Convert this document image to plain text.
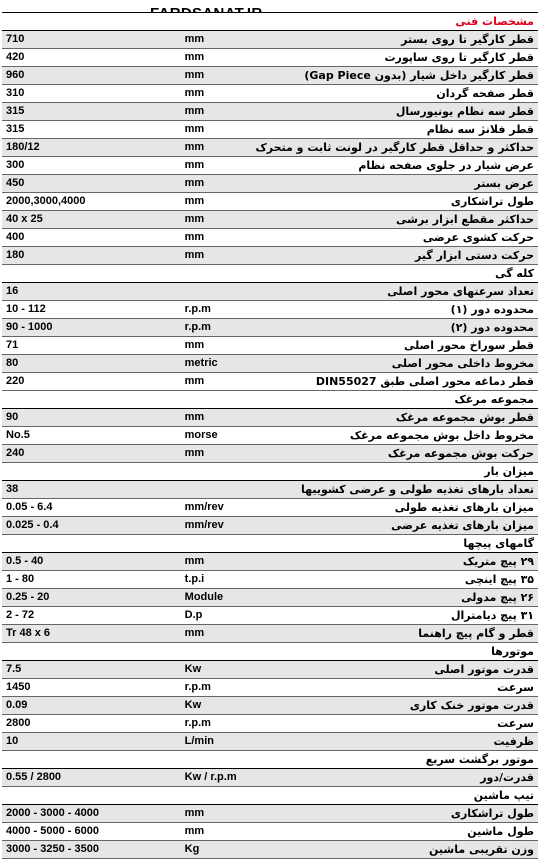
مشخصات فنی		
710	mm	قطر کارگیر تا روی بستر
420	mm	قطر کارگیر تا روی ساپورت
960	mm	قطر کارگیر داخل شیار (بدون Gap Piece)
310	mm	قطر صفحه گردان
315	mm	قطر سه نظام یونیورسال
315	mm	قطر فلانژ سه نظام
180/12	mm	حداکثر و حداقل قطر کارگیر در لونت ثابت و متحرک
300	mm	عرض شیار در جلوی صفحه نظام
450	mm	عرض بستر
2000,3000,4000	mm	طول تراشکاری
40 x 25	mm	حداکثر مقطع ابزار برشی
400	mm	حرکت کشوی عرضی
180	mm	حرکت دستی ابزار گیر
کله گی		
16		تعداد سرعتهای محور اصلی
10 - 112	r.p.m	محدوده دور (۱)
90 - 1000	r.p.m	محدوده دور (۲)
71	mm	قطر سوراخ محور اصلی
80	metric	مخروط داخلی محور اصلی
220	mm	قطر دماغه محور اصلی طبق DIN55027
مجموعه مرغک		
90	mm	قطر بوش مجموعه مرغک
No.5	morse	مخروط داخل بوش مجموعه مرغک
240	mm	حرکت بوش مجموعه مرغک
میزان بار		
38		تعداد بارهای تغذیه طولی و عرضی کشوییها
0.05 - 6.4	mm/rev	میزان بارهای تغذیه طولی
0.025 - 0.4	mm/rev	میزان بارهای تغذیه عرضی
گامهای پیچها		
0.5 - 40	mm	۲۹ پیچ متریک
1 - 80	t.p.i	۳۵ پیچ اینچی
0.25 - 20	Module	۲۶ پیچ مدولی
2 - 72	D.p	۳۱ پیچ دیامترال
Tr 48 x 6	mm	قطر و گام پیچ راهنما
موتورها		
7.5	Kw	قدرت موتور اصلی
1450	r.p.m	سرعت
0.09	Kw	قدرت موتور خنک کاری
2800	r.p.m	سرعت
10	L/min	ظرفیت
موتور برگشت سریع		
0.55 / 2800	Kw / r.p.m	قدرت/دور
تیپ ماشین		
2000 - 3000 - 4000	mm	طول تراشکاری
4000 - 5000 - 6000	mm	طول ماشین
3000 - 3250 - 3500	Kg	وزن تقریبی ماشین
